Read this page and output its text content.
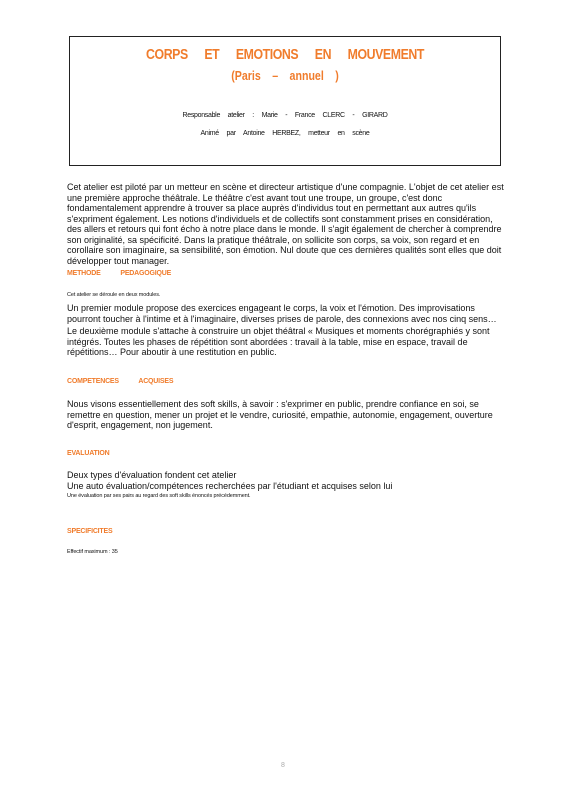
CORPS ET EMOTIONS EN MOUVEMENT
(Paris – annuel )
Responsable atelier : Marie - France CLERC - GIRARD
Animé par Antoine HERBEZ, metteur en scène

Cet atelier est piloté par un metteur en scène et directeur artistique d'une compagnie. L'objet de cet atelier est une première approche théâtrale. Le théâtre c'est avant tout une troupe, un groupe, c'est donc fondamentalement apprendre à trouver sa place auprès d'individus tout en permettant aux autres qu'ils s'expriment également. Les notions d'individuels et de collectifs sont constamment prises en considération, des allers et retours qui font écho à notre place dans le monde. Il s'agit également de chercher à comprendre son originalité, sa spécificité. Dans la pratique théâtrale, on sollicite son corps, sa voix, son regard et en corollaire son imaginaire, sa sensibilité, son émotion. Nul doute que ces dernières qualités sont elles que doit développer tout manager.

METHODE PEDAGOGIQUE

Cet atelier se déroule en deux modules.

Un premier module propose des exercices engageant le corps, la voix et l'émotion. Des improvisations pourront toucher à l'intime et à l'imaginaire, diverses prises de parole, des connexions avec nos cinq sens…

Le deuxième module s'attache à construire un objet théâtral « Musiques et moments chorégraphiés y sont intégrés. Toutes les phases de répétition sont abordées : travail à la table, mise en espace, travail de répétitions… Pour aboutir à une restitution en public.

COMPETENCES ACQUISES

Nous visons essentiellement des soft skills, à savoir : s'exprimer en public, prendre confiance en soi, se remettre en question, mener un projet et le vendre, curiosité, empathie, autonomie, engagement, ouverture d'esprit, engagement, non jugement.

EVALUATION

Deux types d'évaluation fondent cet atelier

Une auto évaluation/compétences recherchées par l'étudiant et acquises selon lui

Une évaluation par ses pairs au regard des soft skills énoncés précédemment.

SPECIFICITES

Effectif maximum : 35

8
